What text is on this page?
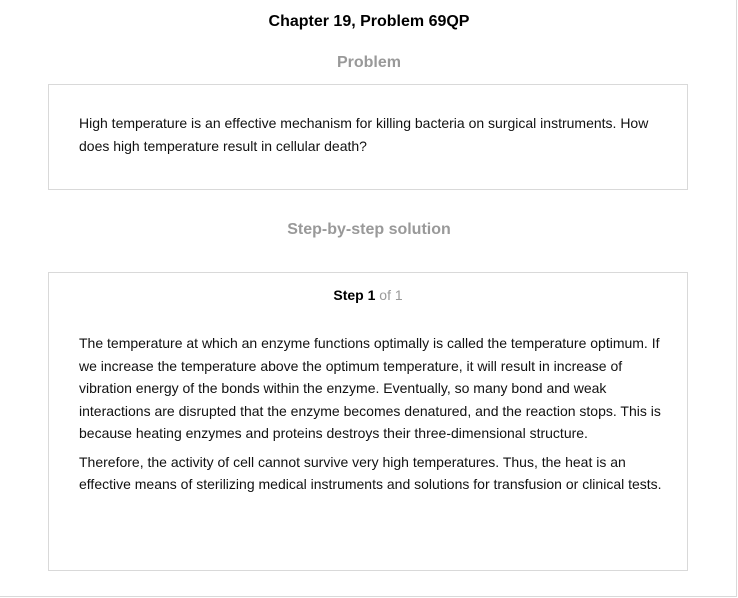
Chapter 19, Problem 69QP
Problem

High temperature is an effective mechanism for killing bacteria on surgical instruments. How does high temperature result in cellular death?

Step-by-step solution
Step 1 of 1

The temperature at which an enzyme functions optimally is called the temperature optimum. If we increase the temperature above the optimum temperature, it will result in increase of vibration energy of the bonds within the enzyme. Eventually, so many bond and weak interactions are disrupted that the enzyme becomes denatured, and the reaction stops. This is because heating enzymes and proteins destroys their three-dimensional structure.

Therefore, the activity of cell cannot survive very high temperatures. Thus, the heat is an effective means of sterilizing medical instruments and solutions for transfusion or clinical tests.
